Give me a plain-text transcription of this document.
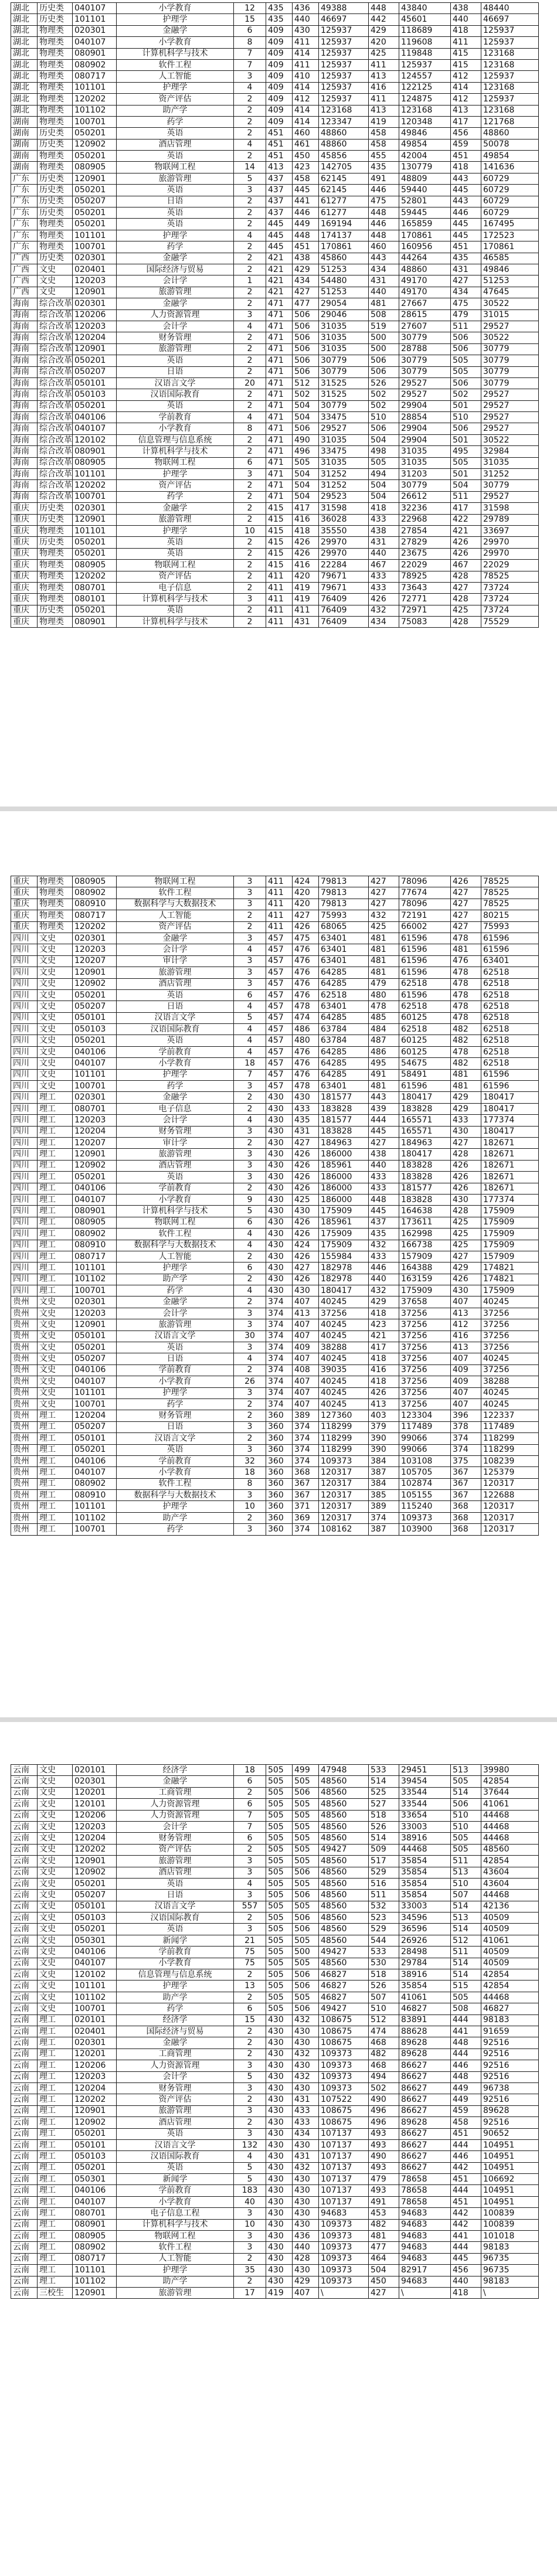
湖北	历史类	040107	小学教育	12	435	436	49388	448	43840	438	48440
湖北	历史类	101101	护理学	15	435	440	46697	442	45601	440	46697
湖北	物理类	020301	金融学	6	409	430	125937	429	118689	418	125937
湖北	物理类	040107	小学教育	8	409	411	125937	420	119608	411	125937
湖北	物理类	080901	计算机科学与技术	7	409	414	125937	425	119848	415	123168
湖北	物理类	080902	软件工程	7	409	411	125937	411	125937	415	123168
湖北	物理类	080717	人工智能	3	409	410	125937	413	124557	412	125937
湖北	物理类	101101	护理学	4	409	414	125937	416	122125	414	123168
湖北	物理类	120202	资产评估	2	409	412	125937	411	124875	412	125937
湖北	物理类	101102	助产学	2	409	414	123168	413	123168	413	123168
湖南	物理类	100701	药学	2	409	414	123347	419	120348	417	121768
湖南	历史类	050201	英语	2	451	460	48860	458	49846	456	48860
湖南	历史类	120902	酒店管理	4	451	461	48860	458	49854	459	50078
湖南	物理类	050201	英语	2	451	450	45856	455	42004	451	49854
湖南	物理类	080905	物联网工程	14	413	423	142705	435	130779	418	141636
广东	历史类	120901	旅游管理	5	437	458	62145	491	48809	443	60729
广东	历史类	050201	英语	3	437	445	62145	446	59440	445	60729
广东	历史类	050207	日语	2	437	441	61277	475	52801	443	60729
广东	历史类	050201	英语	2	437	446	61277	448	59445	446	60729
广东	物理类	050201	英语	2	445	449	169194	446	165859	445	167495
广东	物理类	101101	护理学	4	445	448	174137	448	170861	445	172523
广东	物理类	100701	药学	2	445	451	170861	460	160956	451	170861
广西	历史类	020301	金融学	2	421	438	45860	443	44264	435	46585
广西	文史	020401	国际经济与贸易	2	421	429	51253	434	48860	431	49846
广西	文史	120203	会计学	1	421	434	54480	431	49170	427	51253
广西	文史	120901	旅游管理	2	421	427	51253	440	49170	434	47645
海南	综合改革	020301	金融学	2	471	477	29054	481	27667	475	30522
海南	综合改革	120206	人力资源管理	3	471	506	29046	508	28615	479	31015
海南	综合改革	120203	会计学	4	471	506	31035	519	27607	511	29527
海南	综合改革	120204	财务管理	2	471	506	31035	500	30779	506	30522
海南	综合改革	120901	旅游管理	2	471	506	31035	500	28788	506	30779
海南	综合改革	050201	英语	2	471	506	30779	506	30779	505	30779
海南	综合改革	050207	日语	2	471	506	30779	506	30779	505	30779
海南	综合改革	050101	汉语言文学	20	471	512	31525	526	29527	506	30779
海南	综合改革	050103	汉语国际教育	2	471	502	31525	502	29527	502	29527
海南	综合改革	050201	英语	2	471	504	30779	502	29904	501	29527
海南	综合改革	040106	学前教育	4	471	504	33475	510	28854	510	29527
海南	综合改革	040107	小学教育	8	471	506	29527	506	29904	506	29527
海南	综合改革	120102	信息管理与信息系统	2	471	490	31035	504	29904	501	30522
海南	综合改革	080901	计算机科学与技术	2	471	496	33475	498	31035	495	32984
海南	综合改革	080905	物联网工程	6	471	505	31035	505	31035	505	31035
海南	综合改革	101101	护理学	3	471	504	31252	494	31203	501	31252
海南	综合改革	120202	资产评估	2	471	504	31252	504	30779	504	30779
海南	综合改革	100701	药学	2	471	504	29523	504	26612	511	29527
重庆	历史类	020301	金融学	2	415	417	31598	418	32236	417	31598
重庆	历史类	120901	旅游管理	2	415	416	36028	433	22968	422	29789
重庆	物理类	101101	护理学	10	415	418	35550	438	27854	421	33697
重庆	历史类	050201	英语	2	415	426	29970	431	27829	426	29970
重庆	物理类	050201	英语	2	415	426	29970	440	23675	426	29970
重庆	物理类	080905	物联网工程	2	415	416	22284	467	22029	467	22029
重庆	物理类	120202	资产评估	2	411	420	79671	433	78925	428	78525
重庆	物理类	080701	电子信息	2	411	419	79671	433	73643	427	73724
重庆	物理类	080101	计算机科学与技术	3	411	419	76409	426	72771	428	73724
重庆	历史类	050201	英语	2	411	411	76409	432	72971	425	73724
重庆	物理类	080901	计算机科学与技术	2	411	431	76409	434	75083	428	75529
重庆	物理类	080905	物联网工程	3	411	424	79813	427	78096	426	78525
重庆	物理类	080902	软件工程	3	411	420	79813	427	77674	427	78525
重庆	物理类	080910	数据科学与大数据技术	3	411	420	79813	427	78096	427	78525
重庆	物理类	080717	人工智能	2	411	427	75993	432	72191	427	80215
重庆	物理类	120202	资产评估	2	411	426	68065	425	66002	427	75993
四川	文史	020301	金融学	3	457	475	63401	481	61596	478	61596
四川	文史	120203	会计学	4	457	476	63401	481	61596	481	61596
四川	文史	120207	审计学	3	457	476	63401	481	61596	476	63401
四川	文史	120901	旅游管理	3	457	476	64285	481	61596	478	62518
四川	文史	120902	酒店管理	3	457	476	64285	479	62518	478	62518
四川	文史	050201	英语	6	457	476	62518	480	61596	478	62518
四川	文史	050207	日语	4	457	478	63401	478	62518	478	62518
四川	文史	050101	汉语言文学	5	457	474	64285	485	60125	478	62518
四川	文史	050103	汉语国际教育	4	457	486	63784	484	62518	482	62518
四川	文史	050201	英语	4	457	480	63784	487	60125	482	62518
四川	文史	040106	学前教育	4	457	476	64285	486	60125	478	62518
四川	文史	040107	小学教育	18	457	476	64285	495	54675	482	62518
四川	文史	101101	护理学	7	457	476	64285	491	58491	481	61596
四川	文史	100701	药学	3	457	478	63401	481	61596	481	61596
四川	理工	020301	金融学	2	430	430	181577	443	180417	429	180417
四川	理工	080701	电子信息	2	430	433	183828	439	183828	429	180417
四川	理工	120203	会计学	4	430	435	181577	444	165571	433	177374
四川	理工	120204	财务管理	3	430	431	183828	445	165571	430	180417
四川	理工	120207	审计学	2	430	427	184963	427	184963	427	182671
四川	理工	120901	旅游管理	3	430	426	186000	438	180417	428	182671
四川	理工	120902	酒店管理	3	430	426	185961	440	183828	426	182671
四川	理工	050201	英语	3	430	426	186000	433	183828	426	182671
四川	理工	040106	学前教育	2	430	426	186000	433	181577	426	182671
四川	理工	040107	小学教育	9	430	425	186000	448	183828	430	177374
四川	理工	080901	计算机科学与技术	5	430	430	175909	445	164638	428	175909
四川	理工	080905	物联网工程	6	430	426	185961	437	173611	425	175909
四川	理工	080902	软件工程	4	430	426	175909	435	162998	425	175909
四川	理工	080910	数据科学与大数据技术	4	430	424	175909	432	166738	425	175909
四川	理工	080717	人工智能	2	430	426	155984	433	157909	427	157909
四川	理工	101101	护理学	6	430	427	182978	446	164388	429	174821
四川	理工	101102	助产学	2	430	426	182978	440	163159	426	174821
四川	理工	100701	药学	4	430	430	180417	432	175909	430	175909
贵州	文史	020301	金融学	2	374	407	40245	429	37658	407	40245
贵州	文史	120203	会计学	3	374	413	37256	418	37256	413	37256
贵州	文史	120901	旅游管理	3	374	407	40245	423	37256	412	37256
贵州	文史	050101	汉语言文学	30	374	407	40245	421	37256	416	37256
贵州	文史	050201	英语	3	374	409	38288	417	37256	413	37256
贵州	文史	050207	日语	4	374	407	40245	418	37256	407	40245
贵州	文史	040106	学前教育	2	374	408	39035	416	37256	409	37256
贵州	文史	040107	小学教育	26	374	407	40245	418	37256	409	38288
贵州	文史	101101	护理学	3	374	407	40245	426	37256	407	40245
贵州	文史	100701	药学	2	374	407	40245	413	37256	407	40245
贵州	理工	120204	财务管理	2	360	389	127360	403	123304	396	122337
贵州	理工	050207	日语	3	360	374	118299	379	117489	378	117489
贵州	理工	050101	汉语言文学	2	360	374	118299	390	99066	374	118299
贵州	理工	050201	英语	3	360	374	118299	390	99066	374	118299
贵州	理工	040106	学前教育	32	360	374	109373	384	103108	375	108239
贵州	理工	040107	小学教育	18	360	368	120317	387	105705	367	125379
贵州	理工	080902	软件工程	8	360	367	120317	384	102874	367	120317
贵州	理工	080910	数据科学与大数据技术	3	360	367	120317	385	105155	367	122688
贵州	理工	101101	护理学	10	360	371	120317	389	115240	368	120317
贵州	理工	101102	助产学	2	360	369	120317	374	109373	368	120317
贵州	理工	100701	药学	3	360	374	108162	387	103900	368	120317
云南	文史	020101	经济学	18	505	499	47948	533	29451	513	39980
云南	文史	020301	金融学	6	505	505	48560	514	39454	505	42854
云南	文史	120201	工商管理	2	505	506	48560	525	33544	514	37644
云南	文史	120101	人力资源管理	6	505	505	48560	527	33544	506	41061
云南	文史	120206	人力资源管理	7	505	505	48560	518	33654	510	44468
云南	文史	120203	会计学	7	505	505	48560	526	33003	510	44468
云南	文史	120204	财务管理	6	505	505	48560	514	38916	505	44468
云南	文史	120202	资产评估	2	505	505	49427	509	44468	505	48560
云南	文史	120901	旅游管理	3	505	505	48560	517	35854	511	42854
云南	文史	120902	酒店管理	3	505	506	48560	529	35854	513	43604
云南	文史	050201	英语	4	505	505	48560	516	35854	510	43604
云南	文史	050207	日语	3	505	506	48560	511	35854	507	44468
云南	文史	050101	汉语言文学	557	505	505	48560	532	33003	514	42136
云南	文史	050103	汉语国际教育	2	505	506	48560	523	34596	513	40509
云南	文史	050201	英语	3	505	506	48560	529	36596	514	40509
云南	文史	050301	新闻学	21	505	505	48560	544	26926	512	41061
云南	文史	040106	学前教育	75	505	500	49427	533	28498	511	40509
云南	文史	040107	小学教育	75	505	505	48560	530	29784	514	40509
云南	文史	120102	信息管理与信息系统	2	505	506	46827	518	38916	514	42854
云南	文史	101101	护理学	13	505	506	46827	526	35854	515	42854
云南	文史	101102	助产学	2	505	505	46827	507	41061	505	44468
云南	文史	100701	药学	6	505	506	49427	510	46827	508	46827
云南	理工	020101	经济学	15	430	432	108675	512	83891	444	98183
云南	理工	020401	国际经济与贸易	2	430	430	108675	474	88628	441	91659
云南	理工	020301	金融学	2	430	430	108675	468	89628	448	92516
云南	理工	120201	工商管理	2	430	432	109373	482	89628	444	92516
云南	理工	120206	人力资源管理	3	430	430	109373	468	86627	446	92516
云南	理工	120203	会计学	5	430	432	109373	494	86627	448	92516
云南	理工	120204	财务管理	3	430	430	109373	502	86627	449	96738
云南	理工	120202	资产评估	2	430	431	107522	490	86627	449	92516
云南	理工	120901	旅游管理	3	430	433	108675	496	86627	459	89628
云南	理工	120902	酒店管理	2	430	433	108675	496	89628	458	92516
云南	理工	050201	英语	3	430	434	107137	493	86627	451	90652
云南	理工	050101	汉语言文学	132	430	430	107137	493	86627	444	104951
云南	理工	050103	汉语国际教育	4	430	431	107137	490	86627	446	104951
云南	理工	050201	英语	5	430	432	107137	493	86627	442	104951
云南	理工	050301	新闻学	5	430	430	107137	479	78658	451	106692
云南	理工	040106	学前教育	183	430	430	107137	493	78658	444	104951
云南	理工	040107	小学教育	40	430	430	107137	491	78658	451	104951
云南	理工	080701	电子信息工程	3	430	430	94683	453	94683	442	100839
云南	理工	080901	计算机科学与技术	10	430	430	109373	482	94683	442	100839
云南	理工	080905	物联网工程	3	430	436	109373	481	94683	441	101018
云南	理工	080902	软件工程	3	430	440	109373	477	94683	444	98183
云南	理工	080717	人工智能	2	430	428	109373	464	94683	445	96735
云南	理工	101101	护理学	35	430	430	109373	504	82917	456	96735
云南	理工	101102	助产学	2	430	429	109373	450	94683	440	98183
云南	三校生	120901	旅游管理	17	419	407	\	427	\	418	\
